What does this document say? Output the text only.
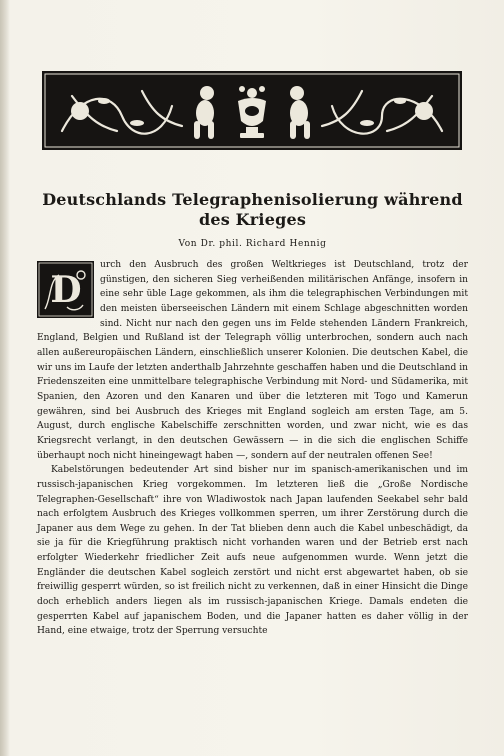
Deutschlands Telegraphenisolierung während des Krieges
Von Dr. phil. Richard Hennig

D
urch den Ausbruch des großen Weltkrieges ist Deutschland, trotz der günstigen, den sicheren Sieg verheißenden militärischen Anfänge, insofern in eine sehr üble Lage gekommen, als ihm die telegraphischen Verbindungen mit den meisten überseeischen Ländern mit einem Schlage abgeschnitten worden sind. Nicht nur nach den gegen uns im Felde stehenden Ländern Frankreich, England, Belgien und Rußland ist der Telegraph völlig unterbrochen, sondern auch nach allen außereuropäischen Ländern, einschließlich unserer Kolonien. Die deutschen Kabel, die wir uns im Laufe der letzten anderthalb Jahrzehnte geschaffen haben und die Deutschland in Friedenszeiten eine unmittelbare telegraphische Verbindung mit Nord- und Südamerika, mit Spanien, den Azoren und den Kanaren und über die letzteren mit Togo und Kamerun gewähren, sind bei Ausbruch des Krieges mit England sogleich am ersten Tage, am 5. August, durch englische Kabelschiffe zerschnitten worden, und zwar nicht, wie es das Kriegsrecht verlangt, in den deutschen Gewässern — in die sich die englischen Schiffe überhaupt noch nicht hineingewagt haben —, sondern auf der neutralen offenen See!

Kabelstörungen bedeutender Art sind bisher nur im spanisch-amerikanischen und im russisch-japanischen Krieg vorgekommen. Im letzteren ließ die „Große Nordische Telegraphen-Gesellschaft“ ihre von Wladiwostok nach Japan laufenden Seekabel sehr bald nach erfolgtem Ausbruch des Krieges vollkommen sperren, um ihrer Zerstörung durch die Japaner aus dem Wege zu gehen. In der Tat blieben denn auch die Kabel unbeschädigt, da sie ja für die Kriegführung praktisch nicht vorhanden waren und der Betrieb erst nach erfolgter Wiederkehr friedlicher Zeit aufs neue aufgenommen wurde. Wenn jetzt die Engländer die deutschen Kabel sogleich zerstört und nicht erst abgewartet haben, ob sie freiwillig gesperrt würden, so ist freilich nicht zu verkennen, daß in einer Hinsicht die Dinge doch erheblich anders liegen als im russisch-japanischen Kriege. Damals endeten die gesperrten Kabel auf japanischem Boden, und die Japaner hatten es daher völlig in der Hand, eine etwaige, trotz der Sperrung versuchte
